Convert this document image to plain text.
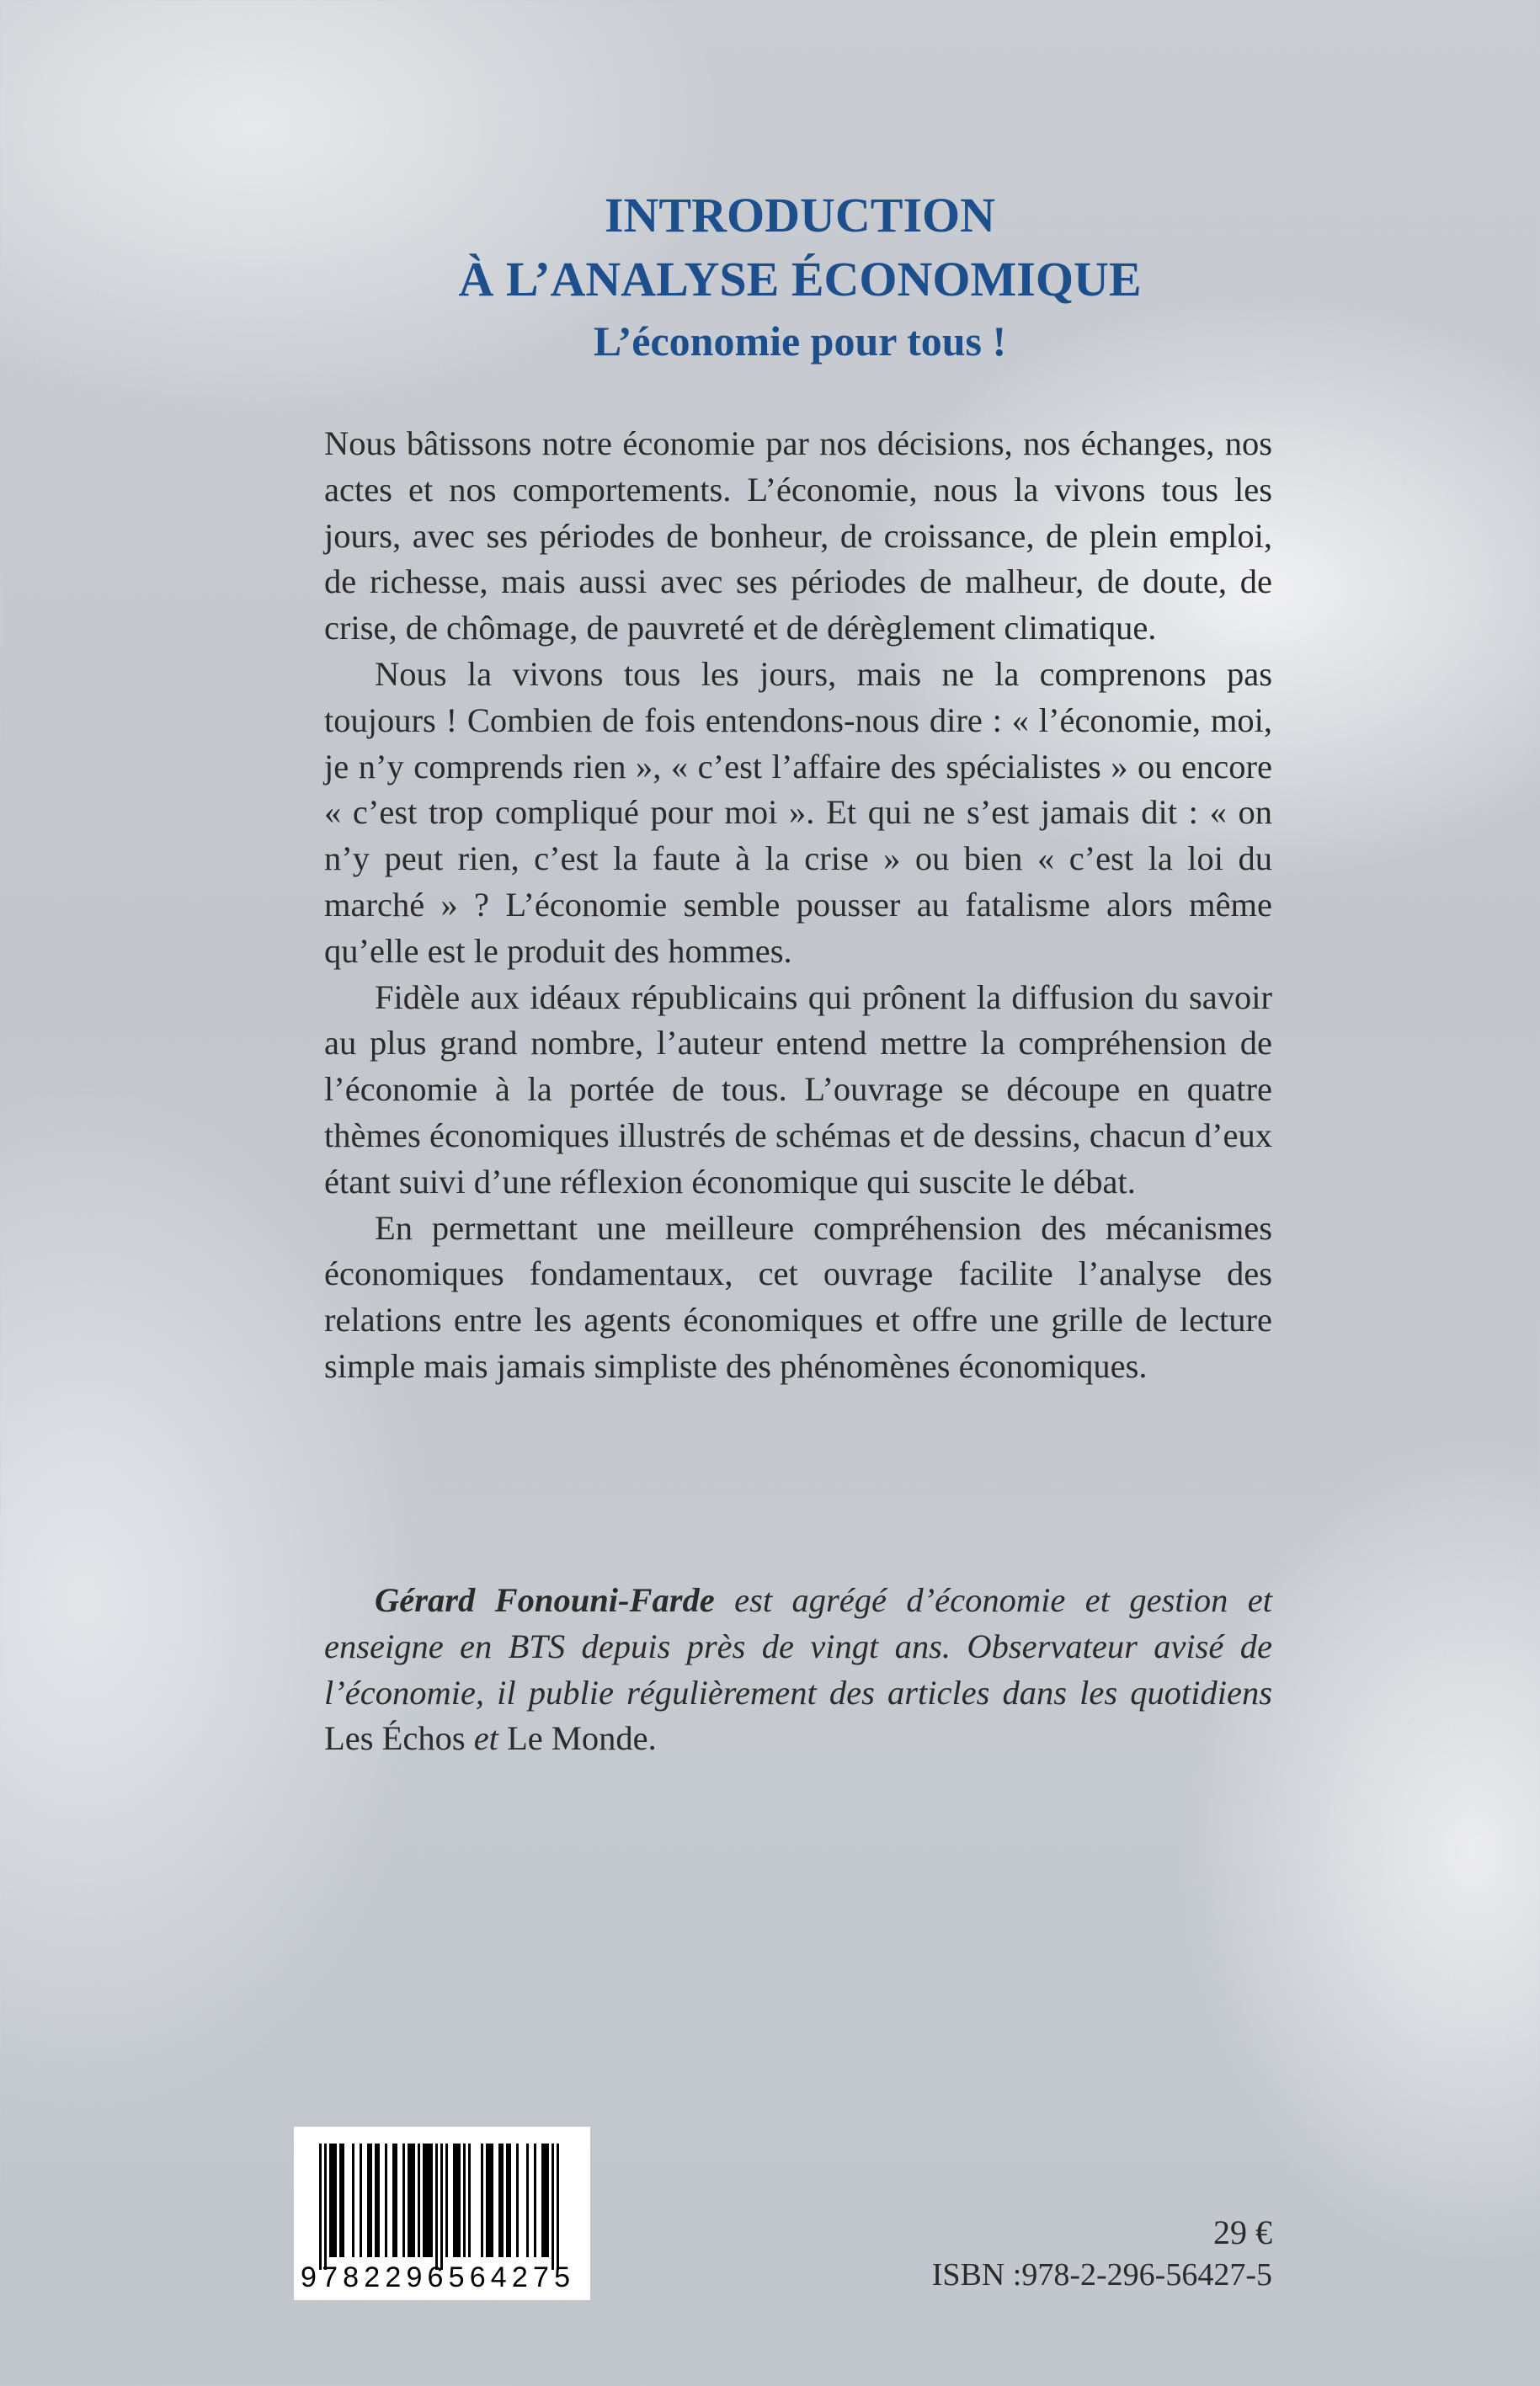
INTRODUCTION
À L’ANALYSE ÉCONOMIQUE
L’économie pour tous !

Nous bâtissons notre économie par nos décisions, nos échanges, nos actes et nos comportements. L’économie, nous la vivons tous les jours, avec ses périodes de bonheur, de croissance, de plein emploi, de richesse, mais aussi avec ses périodes de malheur, de doute, de crise, de chômage, de pauvreté et de dérèglement climatique.

Nous la vivons tous les jours, mais ne la comprenons pas toujours ! Combien de fois entendons-nous dire : « l’économie, moi, je n’y comprends rien », « c’est l’affaire des spécialistes » ou encore « c’est trop compliqué pour moi ». Et qui ne s’est jamais dit : « on n’y peut rien, c’est la faute à la crise » ou bien « c’est la loi du marché » ? L’économie semble pousser au fatalisme alors même qu’elle est le produit des hommes.

Fidèle aux idéaux républicains qui prônent la diffusion du savoir au plus grand nombre, l’auteur entend mettre la compréhension de l’économie à la portée de tous. L’ouvrage se découpe en quatre thèmes économiques illustrés de schémas et de dessins, chacun d’eux étant suivi d’une réflexion économique qui suscite le débat.

En permettant une meilleure compréhension des mécanismes économiques fondamentaux, cet ouvrage facilite l’analyse des relations entre les agents économiques et offre une grille de lecture simple mais jamais simpliste des phénomènes économiques.

Gérard Fonouni-Farde est agrégé d’économie et gestion et enseigne en BTS depuis près de vingt ans. Observateur avisé de l’économie, il publie régulièrement des articles dans les quotidiens Les Échos et Le Monde.
9782296564275
29 €
ISBN :978-2-296-56427-5
